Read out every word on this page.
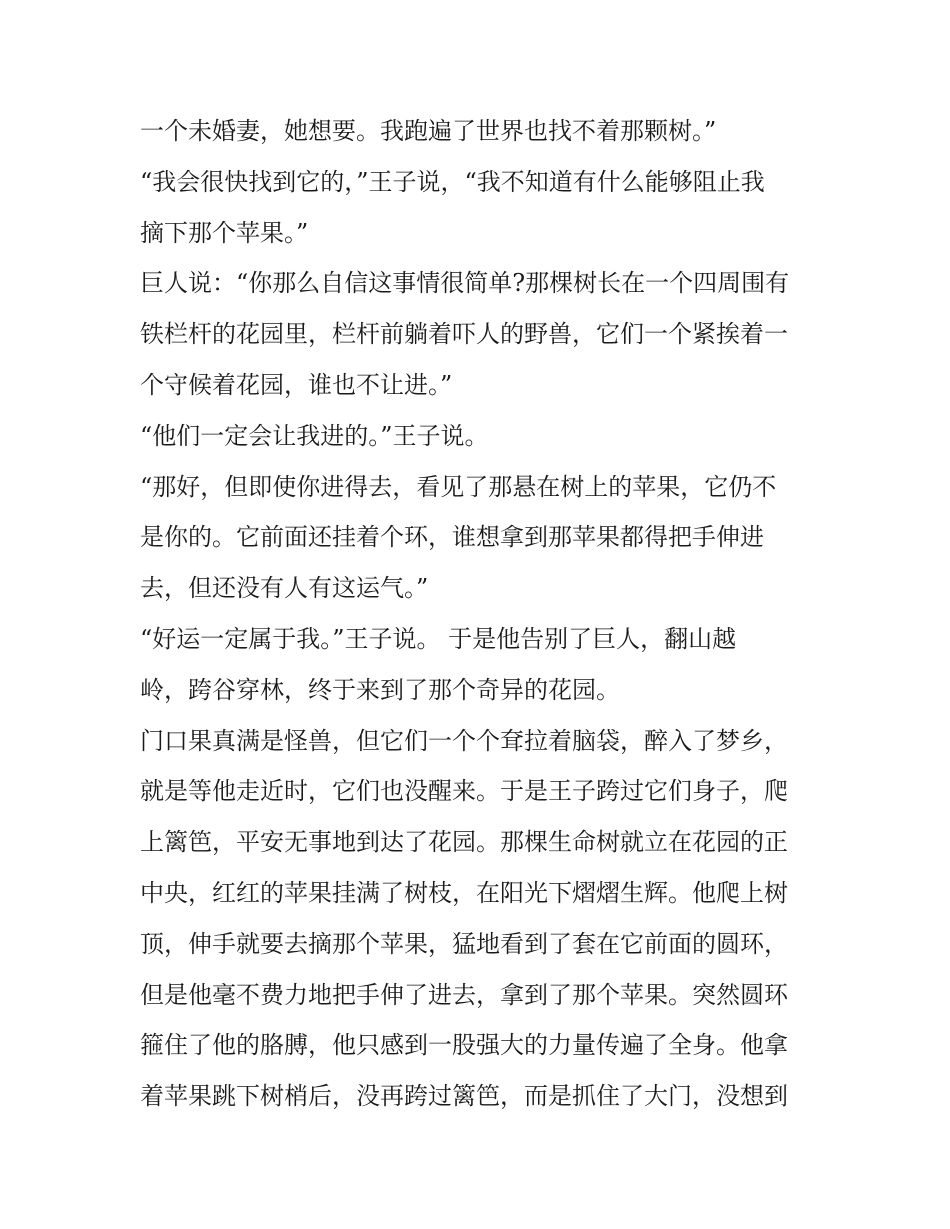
一个未婚妻，她想要。我跑遍了世界也找不着那颗树。”
“我会很快找到它的，”王子说，“我不知道有什么能够阻止我
摘下那个苹果。”
巨人说：“你那么自信这事情很简单?那棵树长在一个四周围有
铁栏杆的花园里，栏杆前躺着吓人的野兽，它们一个紧挨着一
个守候着花园，谁也不让进。”
“他们一定会让我进的。”王子说。
“那好，但即使你进得去，看见了那悬在树上的苹果，它仍不
是你的。它前面还挂着个环，谁想拿到那苹果都得把手伸进
去，但还没有人有这运气。”
“好运一定属于我。”王子说。 于是他告别了巨人，翻山越
岭，跨谷穿林，终于来到了那个奇异的花园。
门口果真满是怪兽，但它们一个个耷拉着脑袋，醉入了梦乡，
就是等他走近时，它们也没醒来。于是王子跨过它们身子，爬
上篱笆，平安无事地到达了花园。那棵生命树就立在花园的正
中央，红红的苹果挂满了树枝，在阳光下熠熠生辉。他爬上树
顶，伸手就要去摘那个苹果，猛地看到了套在它前面的圆环，
但是他毫不费力地把手伸了进去，拿到了那个苹果。突然圆环
箍住了他的胳膊，他只感到一股强大的力量传遍了全身。他拿
着苹果跳下树梢后，没再跨过篱笆，而是抓住了大门，没想到
